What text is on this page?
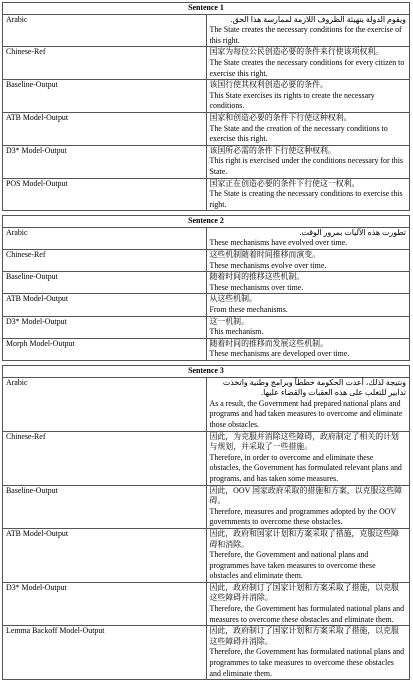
Sentence 1	
Arabic	ويقوم الدولة بتهيئة الظروف اللازمة لممارسة هذا الحق.
The State creates the necessary conditions for the exercise of this right.

Chinese-Ref	国家为每位公民创造必要的条件来行使该项权利。
The State creates the necessary conditions for every citizen to exercise this right.

Baseline-Output	该国行使其权利创造必要的条件。
This State exercises its rights to create the necessary conditions.

ATB Model-Output	国家和创造必要的条件下行使这种权利。
The State and the creation of the necessary conditions to exercise this right.

D3* Model-Output	该国所必需的条件下行使这种权利。
This right is exercised under the conditions necessary for this State.

POS Model-Output	国家正在创造必要的条件下行使这一权利。
The State is creating the necessary conditions to exercise this right.

Sentence 2	
Arabic	تطورت هذه الآليات بمرور الوقت.
These mechanisms have evolved over time.

Chinese-Ref	这些机制随着时间推移而演变。
These mechanisms evolve over time.

Baseline-Output	随着时间的推移这些机制。
These mechanisms over time.

ATB Model-Output	从这些机制。
From these mechanisms.

D3* Model-Output	这一机制。
This mechanism.

Morph Model-Output	随着时间的推移而发展这些机制。
These mechanisms are developed over time.

Sentence 3	
Arabic	ونتيجة لذلك، أعدت الحكومة خططاً وبرامج وطنية واتخذت تدابير للتغلب على هذه العقبات والقضاء عليها.
As a result, the Government had prepared national plans and programs and had taken measures to overcome and eliminate those obstacles.

Chinese-Ref	因此，为克服并消除这些障碍，政府制定了相关的计划与规划，并采取了一些措施。
Therefore, in order to overcome and eliminate these obstacles, the Government has formulated relevant plans and programs, and has taken some measures.

Baseline-Output	因此，OOV 国家政府采取的措施和方案，以克服这些障碍。
Therefore, measures and programmes adopted by the OOV governments to overcome these obstacles.

ATB Model-Output	因此，政府和国家计划和方案采取了措施，克服这些障碍和消除。
Therefore, the Government and national plans and programmes have taken measures to overcome these obstacles and eliminate them.

D3* Model-Output	因此，政府制订了国家计划和方案采取了措施，以克服这些障碍并消除。
Therefore, the Government has formulated national plans and measures to overcome these obstacles and eliminate them.

Lemma Backoff Model-Output	因此，政府制订了国家计划和方案采取了措施，以克服这些障碍并消除。
Therefore, the Government has formulated national plans and programmes to take measures to overcome these obstacles and eliminate them.
